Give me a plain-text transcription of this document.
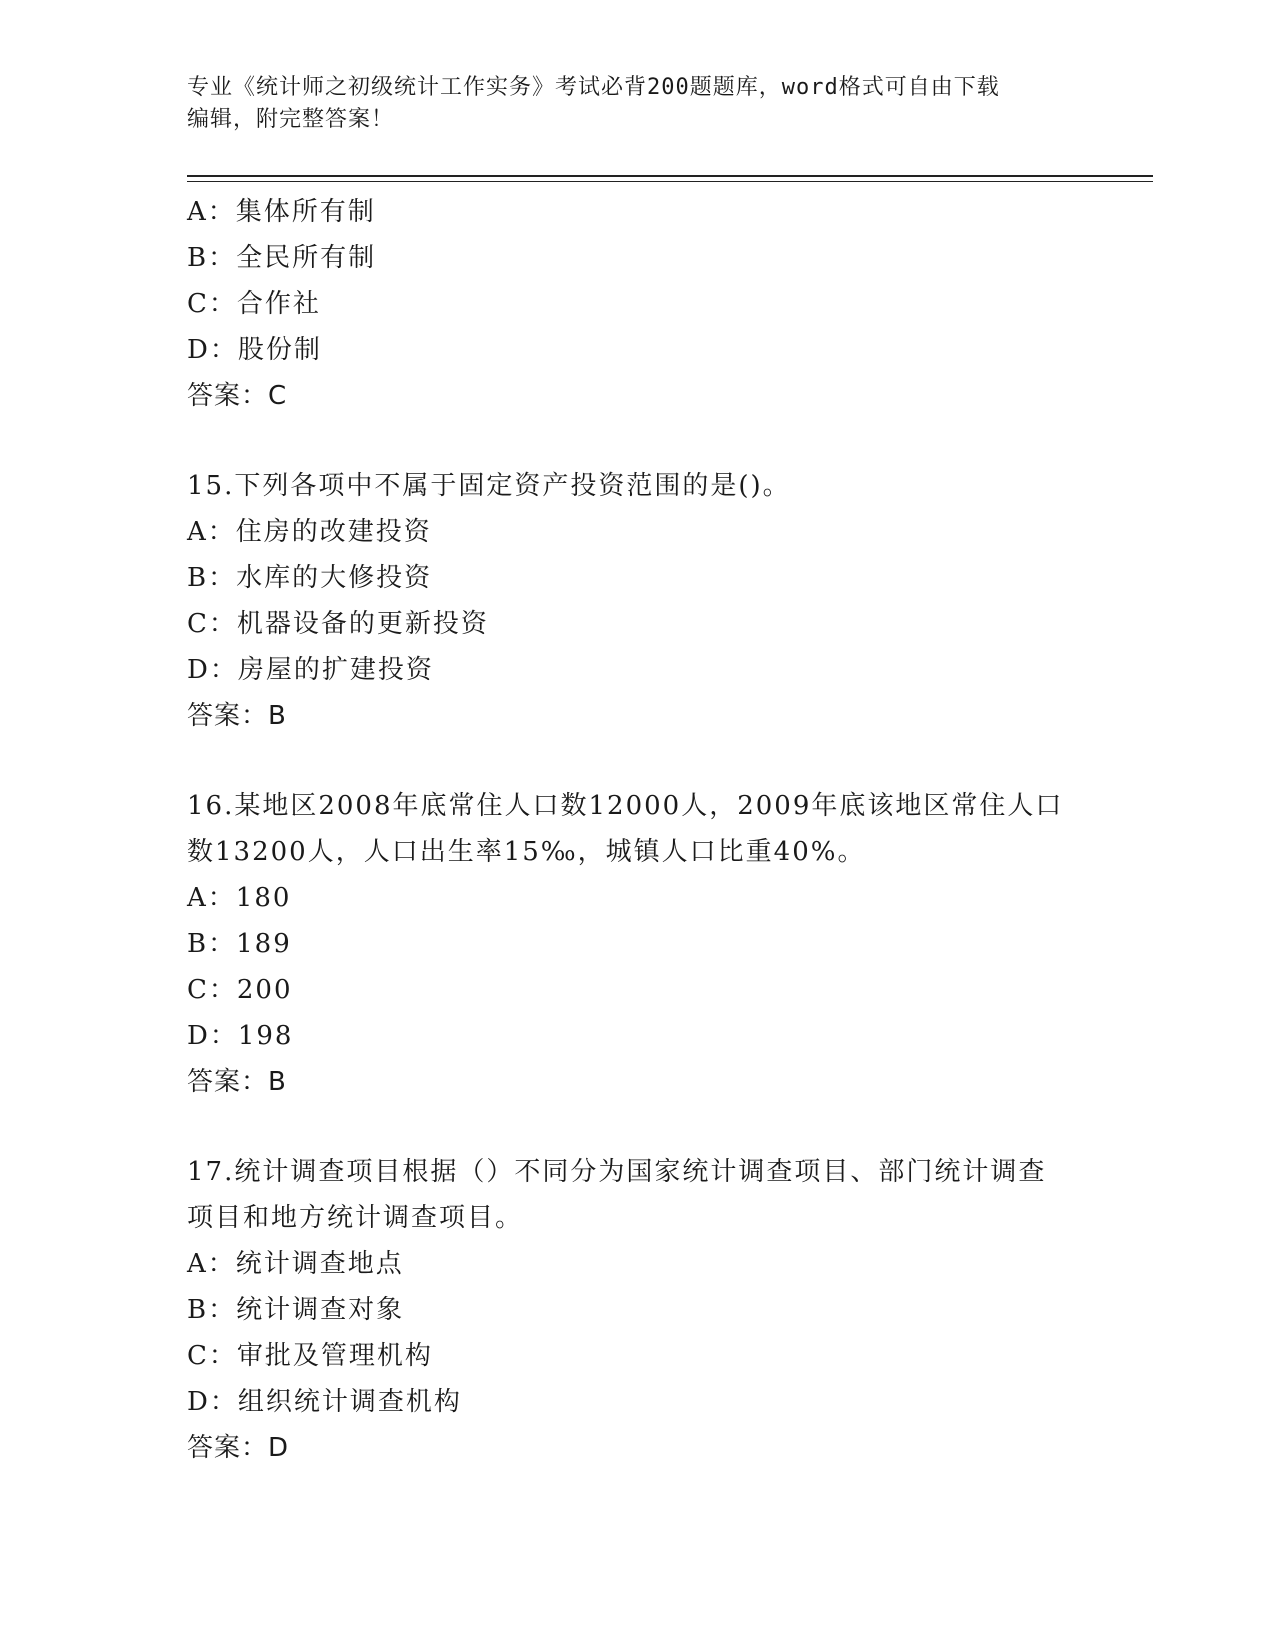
专业《统计师之初级统计工作实务》考试必背200题题库，word格式可自由下载
编辑，附完整答案！
A：集体所有制
B：全民所有制
C：合作社
D：股份制
答案：C
15.下列各项中不属于固定资产投资范围的是()。
A：住房的改建投资
B：水库的大修投资
C：机器设备的更新投资
D：房屋的扩建投资
答案：B
16.某地区2008年底常住人口数12000人，2009年底该地区常住人口
数13200人，人口出生率15‰，城镇人口比重40%。
A：180
B：189
C：200
D：198
答案：B
17.统计调查项目根据（）不同分为国家统计调查项目、部门统计调查
项目和地方统计调查项目。
A：统计调查地点
B：统计调查对象
C：审批及管理机构
D：组织统计调查机构
答案：D
